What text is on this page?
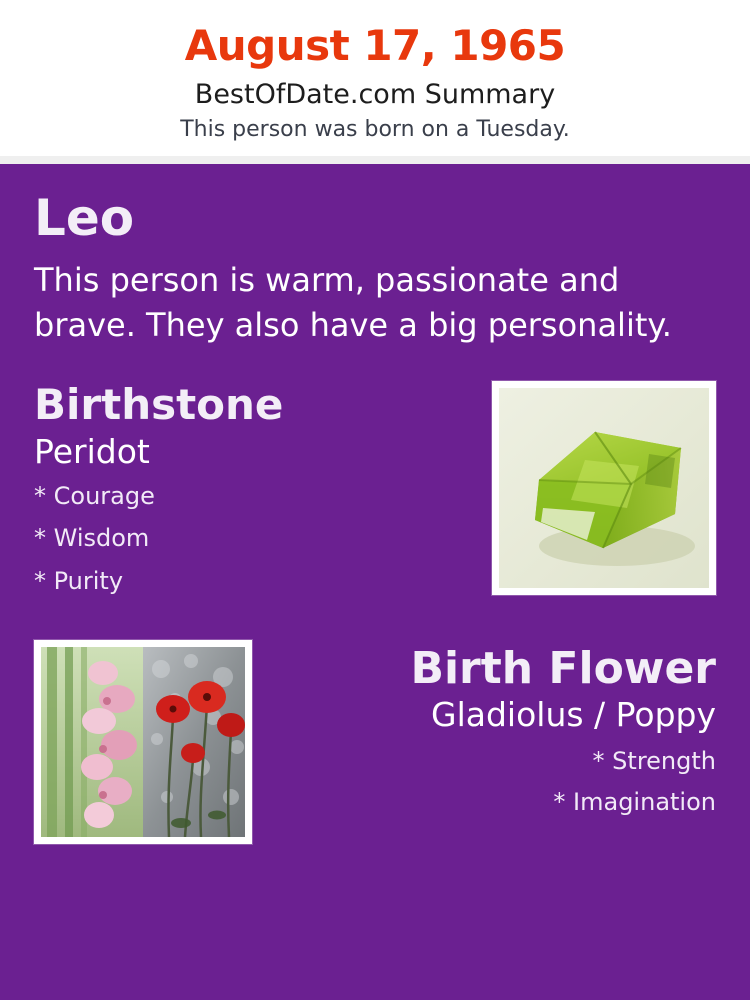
August 17, 1965
BestOfDate.com Summary
This person was born on a Tuesday.
Leo
This person is warm, passionate and brave. They also have a big personality.
Birthstone
Peridot
* Courage
* Wisdom
* Purity
Birth Flower
Gladiolus / Poppy
* Strength
* Imagination
